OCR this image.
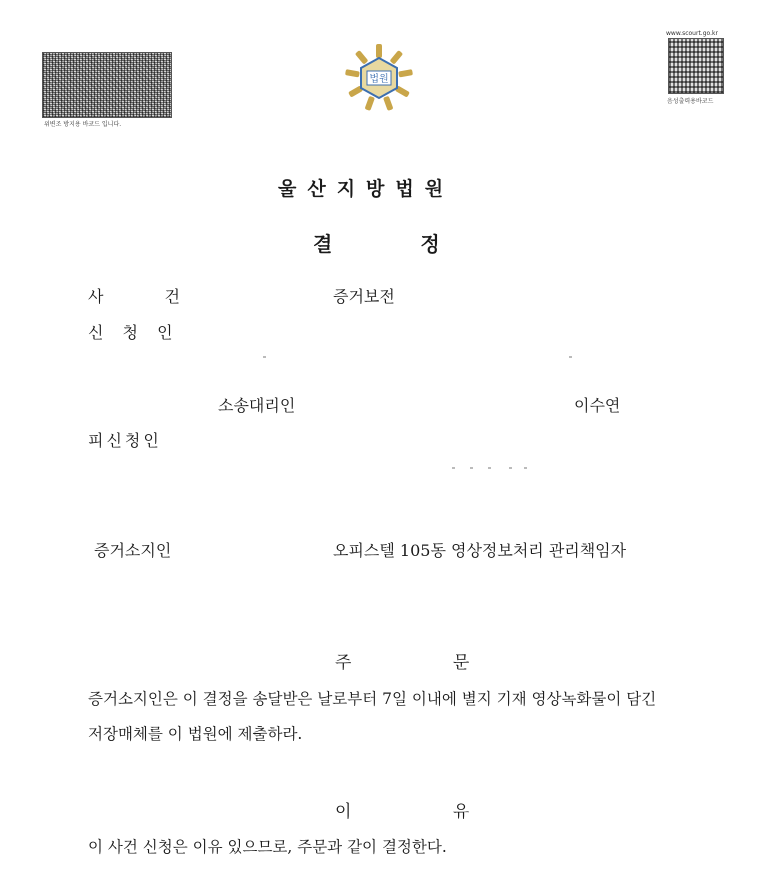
위변조 방지용 바코드 입니다.
법원
www.scourt.go.kr
음성출력용바코드
울산지방법원
결정
사 건	증거보전
신 청 인
소송대리인	이수연
피신청인
증거소지인	오피스텔 105동 영상정보처리 관리책임자
주 문
증거소지인은 이 결정을 송달받은 날로부터 7일 이내에 별지 기재 영상녹화물이 담긴
저장매체를 이 법원에 제출하라.
이 유
이 사건 신청은 이유 있으므로, 주문과 같이 결정한다.
